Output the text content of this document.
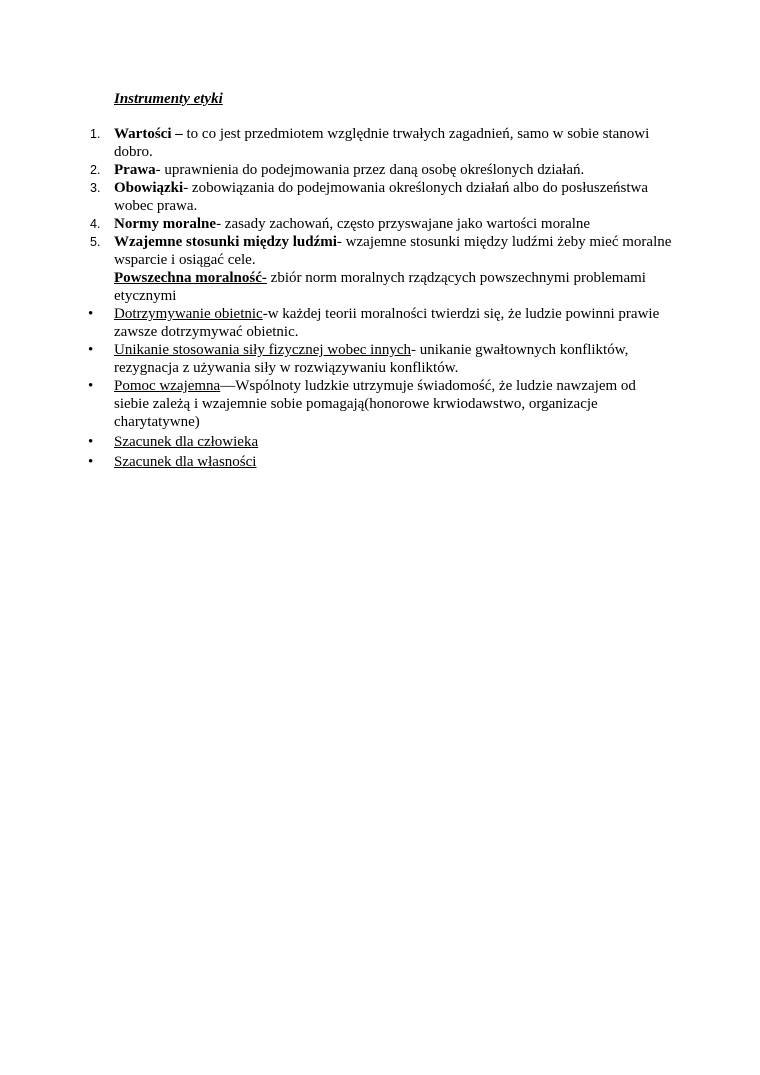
Instrumenty etyki
1. Wartości – to co jest przedmiotem względnie trwałych zagadnień, samo w sobie stanowi dobro.
2. Prawa- uprawnienia do podejmowania przez daną osobę określonych działań.
3. Obowiązki- zobowiązania do podejmowania określonych działań albo do posłuszeństwa wobec prawa.
4. Normy moralne- zasady zachowań, często przyswajane jako wartości moralne
5. Wzajemne stosunki między ludźmi- wzajemne stosunki między ludźmi żeby mieć moralne wsparcie i osiągać cele.
Powszechna moralność- zbiór norm moralnych rządzących powszechnymi problemami etycznymi
• Dotrzymywanie obietnic-w każdej teorii moralności twierdzi się, że ludzie powinni prawie zawsze dotrzymywać obietnic.
• Unikanie stosowania siły fizycznej wobec innych- unikanie gwałtownych konfliktów, rezygnacja z używania siły w rozwiązywaniu konfliktów.
• Pomoc wzajemna—Wspólnoty ludzkie utrzymuje świadomość, że ludzie nawzajem od siebie zależą i wzajemnie sobie pomagają(honorowe krwiodawstwo, organizacje charytatywne)
• Szacunek dla człowieka
• Szacunek dla własności
